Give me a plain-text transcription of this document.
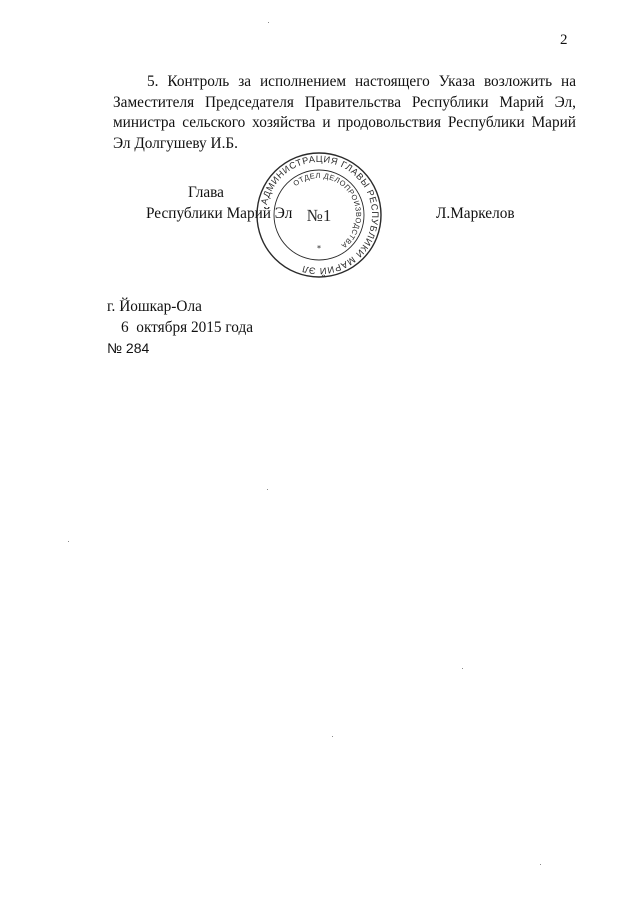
2

5. Контроль за исполнением настоящего Указа возложить на Заместителя Председателя Правительства Республики Марий Эл, министра сельского хозяйства и продовольствия Республики Марий Эл Долгушеву И.Б.

Глава
Республики Марий Эл	Л.Маркелов
АДМИНИСТРАЦИЯ ГЛАВЫ РЕСПУБЛИКИ МАРИЙ ЭЛ
ОТДЕЛ ДЕЛОПРОИЗВОДСТВА
№1
*
г. Йошкар-Ола
6  октября 2015 года
№ 284
